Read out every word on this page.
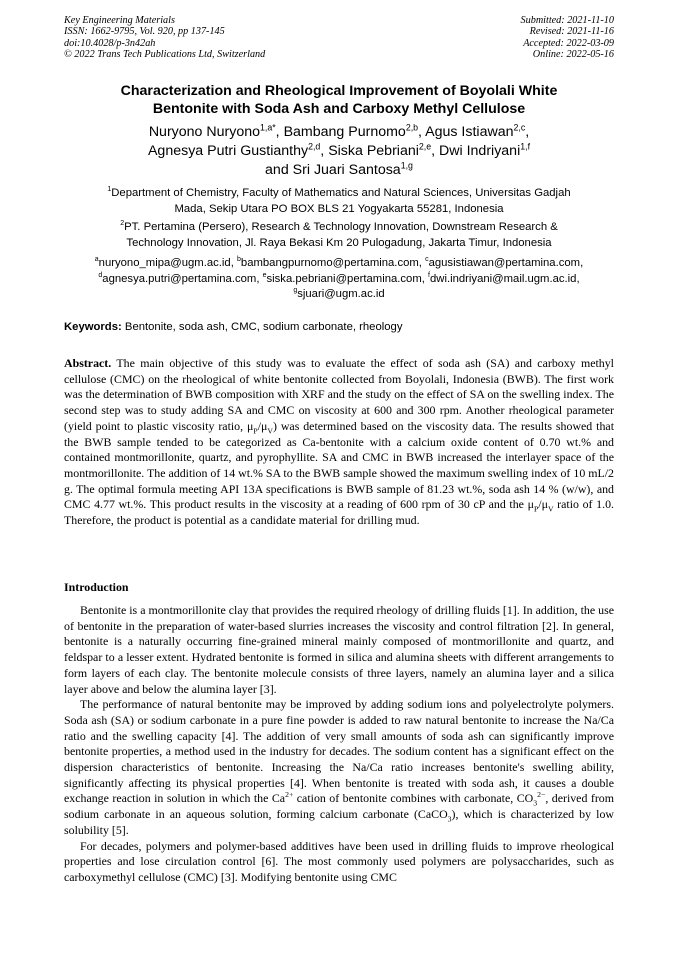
Key Engineering Materials
ISSN: 1662-9795, Vol. 920, pp 137-145
doi:10.4028/p-3n42ah
© 2022 Trans Tech Publications Ltd, Switzerland
Submitted: 2021-11-10
Revised: 2021-11-16
Accepted: 2022-03-09
Online: 2022-05-16
Characterization and Rheological Improvement of Boyolali White
Bentonite with Soda Ash and Carboxy Methyl Cellulose
Nuryono Nuryono$^{1,a*}$, Bambang Purnomo$^{2,b}$, Agus Istiawan$^{2,c}$,
Agnesya Putri Gustianthy$^{2,d}$, Siska Pebriani$^{2,e}$, Dwi Indriyani$^{1,f}$
and Sri Juari Santosa$^{1,g}$
$^1$Department of Chemistry, Faculty of Mathematics and Natural Sciences, Universitas Gadjah
Mada, Sekip Utara PO BOX BLS 21 Yogyakarta 55281, Indonesia
$^2$PT. Pertamina (Persero), Research & Technology Innovation, Downstream Research &
Technology Innovation, Jl. Raya Bekasi Km 20 Pulogadung, Jakarta Timur, Indonesia
$^a$nuryono_mipa@ugm.ac.id, $^b$bambangpurnomo@pertamina.com, $^c$agusistiawan@pertamina.com,
$^d$agnesya.putri@pertamina.com, $^e$siska.pebriani@pertamina.com, $^f$dwi.indriyani@mail.ugm.ac.id,
$^g$sjuari@ugm.ac.id
Keywords: Bentonite, soda ash, CMC, sodium carbonate, rheology
Abstract. The main objective of this study was to evaluate the effect of soda ash (SA) and carboxy methyl cellulose (CMC) on the rheological of white bentonite collected from Boyolali, Indonesia (BWB). The first work was the determination of BWB composition with XRF and the study on the effect of SA on the swelling index. The second step was to study adding SA and CMC on viscosity at 600 and 300 rpm. Another rheological parameter (yield point to plastic viscosity ratio, $\mu_P/\mu_V$) was determined based on the viscosity data. The results showed that the BWB sample tended to be categorized as Ca-bentonite with a calcium oxide content of 0.70 wt.% and contained montmorillonite, quartz, and pyrophyllite. SA and CMC in BWB increased the interlayer space of the montmorillonite. The addition of 14 wt.% SA to the BWB sample showed the maximum swelling index of 10 mL/2 g. The optimal formula meeting API 13A specifications is BWB sample of 81.23 wt.%, soda ash 14 % (w/w), and CMC 4.77 wt.%. This product results in the viscosity at a reading of 600 rpm of 30 cP and the $\mu_P/\mu_V$ ratio of 1.0. Therefore, the product is potential as a candidate material for drilling mud.
Introduction

Bentonite is a montmorillonite clay that provides the required rheology of drilling fluids [1]. In addition, the use of bentonite in the preparation of water-based slurries increases the viscosity and control filtration [2]. In general, bentonite is a naturally occurring fine-grained mineral mainly composed of montmorillonite and quartz, and feldspar to a lesser extent. Hydrated bentonite is formed in silica and alumina sheets with different arrangements to form layers of each clay. The bentonite molecule consists of three layers, namely an alumina layer and a silica layer above and below the alumina layer [3].

The performance of natural bentonite may be improved by adding sodium ions and polyelectrolyte polymers. Soda ash (SA) or sodium carbonate in a pure fine powder is added to raw natural bentonite to increase the Na/Ca ratio and the swelling capacity [4]. The addition of very small amounts of soda ash can significantly improve bentonite properties, a method used in the industry for decades. The sodium content has a significant effect on the dispersion characteristics of bentonite. Increasing the Na/Ca ratio increases bentonite's swelling ability, significantly affecting its physical properties [4]. When bentonite is treated with soda ash, it causes a double exchange reaction in solution in which the $Ca^{2+}$ cation of bentonite combines with carbonate, $CO_3^{2-}$, derived from sodium carbonate in an aqueous solution, forming calcium carbonate (CaCO$_3$), which is characterized by low solubility [5].

For decades, polymers and polymer-based additives have been used in drilling fluids to improve rheological properties and lose circulation control [6]. The most commonly used polymers are polysaccharides, such as carboxymethyl cellulose (CMC) [3]. Modifying bentonite using CMC
